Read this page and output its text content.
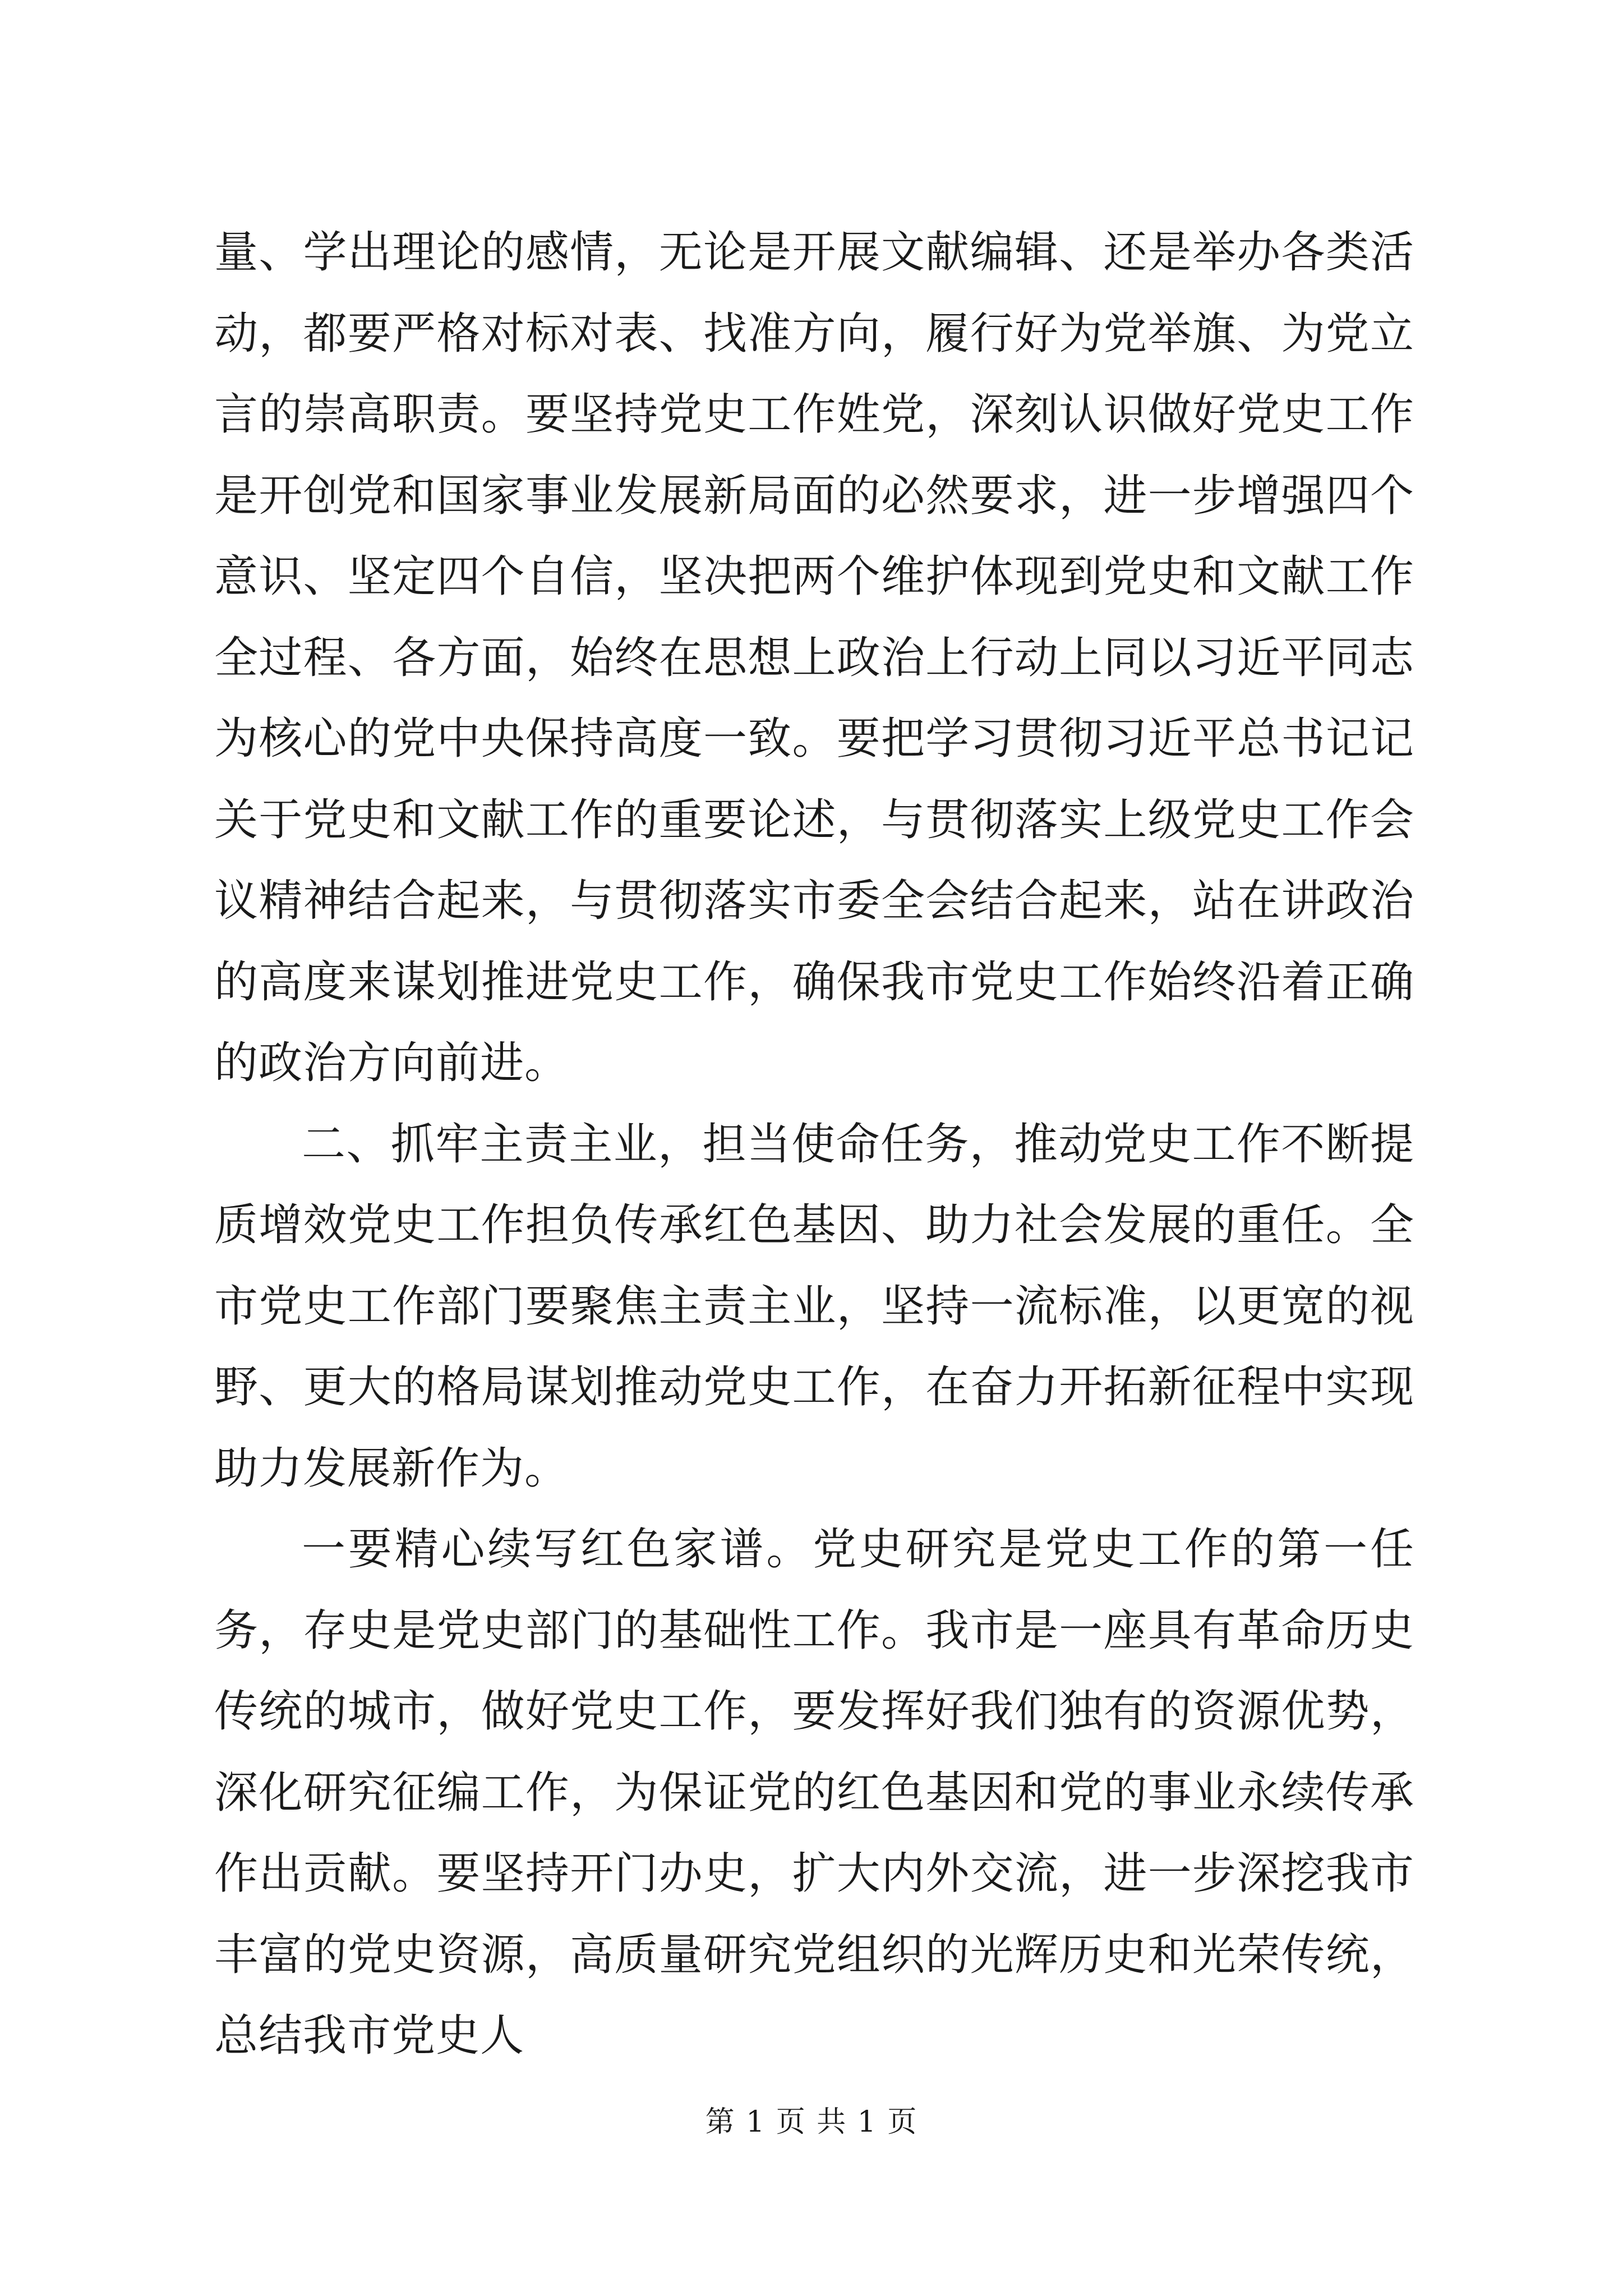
量、学出理论的感情，无论是开展文献编辑、还是举办各类活动，都要严格对标对表、找准方向，履行好为党举旗、为党立言的崇高职责。要坚持党史工作姓党，深刻认识做好党史工作是开创党和国家事业发展新局面的必然要求，进一步增强四个意识、坚定四个自信，坚决把两个维护体现到党史和文献工作全过程、各方面，始终在思想上政治上行动上同以习近平同志为核心的党中央保持高度一致。要把学习贯彻习近平总书记记关于党史和文献工作的重要论述，与贯彻落实上级党史工作会议精神结合起来，与贯彻落实市委全会结合起来，站在讲政治的高度来谋划推进党史工作，确保我市党史工作始终沿着正确的政治方向前进。

二、抓牢主责主业，担当使命任务，推动党史工作不断提质增效党史工作担负传承红色基因、助力社会发展的重任。全市党史工作部门要聚焦主责主业，坚持一流标准，以更宽的视野、更大的格局谋划推动党史工作，在奋力开拓新征程中实现助力发展新作为。

一要精心续写红色家谱。党史研究是党史工作的第一任务，存史是党史部门的基础性工作。我市是一座具有革命历史传统的城市，做好党史工作，要发挥好我们独有的资源优势，深化研究征编工作，为保证党的红色基因和党的事业永续传承作出贡献。要坚持开门办史，扩大内外交流，进一步深挖我市丰富的党史资源，高质量研究党组织的光辉历史和光荣传统，总结我市党史人

第 1 页 共 1 页
